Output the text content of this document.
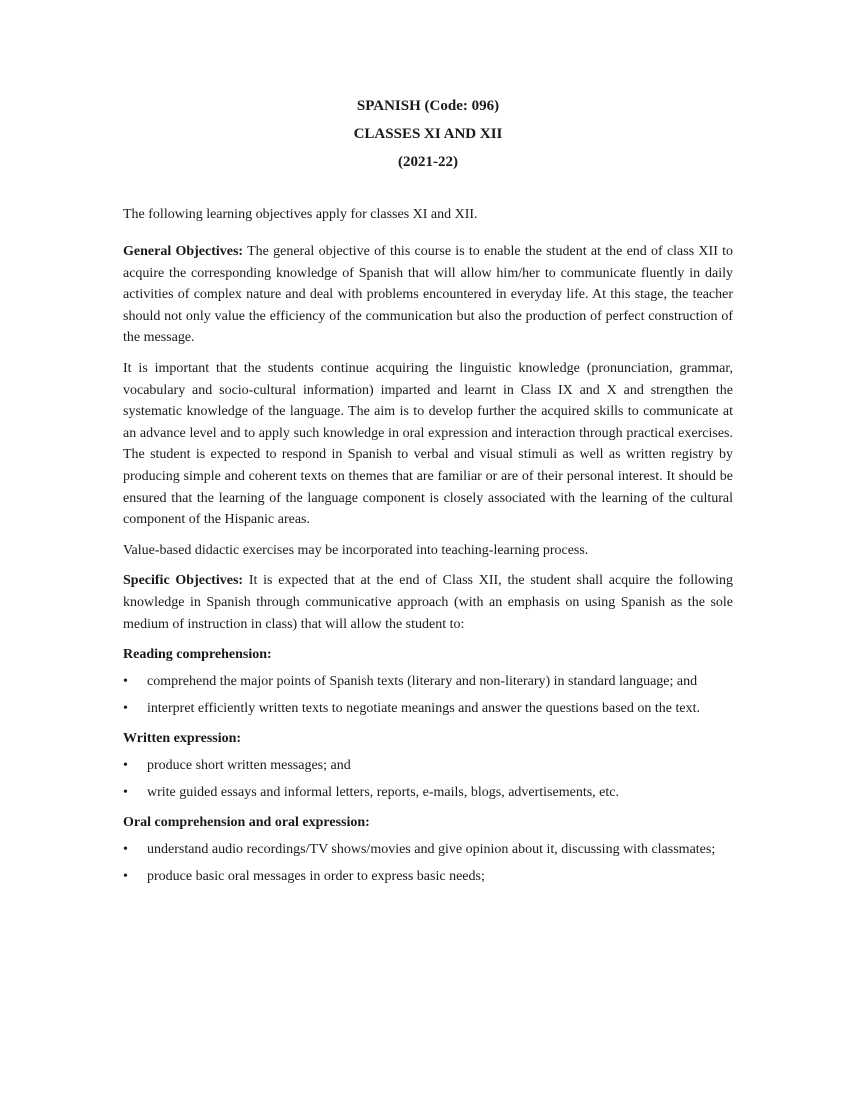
SPANISH (Code: 096)
CLASSES XI AND XII
(2021-22)
The following learning objectives apply for classes XI and XII.

General Objectives: The general objective of this course is to enable the student at the end of class XII to acquire the corresponding knowledge of Spanish that will allow him/her to communicate fluently in daily activities of complex nature and deal with problems encountered in everyday life. At this stage, the teacher should not only value the efficiency of the communication but also the production of perfect construction of the message.

It is important that the students continue acquiring the linguistic knowledge (pronunciation, grammar, vocabulary and socio-cultural information) imparted and learnt in Class IX and X and strengthen the systematic knowledge of the language. The aim is to develop further the acquired skills to communicate at an advance level and to apply such knowledge in oral expression and interaction through practical exercises. The student is expected to respond in Spanish to verbal and visual stimuli as well as written registry by producing simple and coherent texts on themes that are familiar or are of their personal interest. It should be ensured that the learning of the language component is closely associated with the learning of the cultural component of the Hispanic areas.

Value-based didactic exercises may be incorporated into teaching-learning process.

Specific Objectives: It is expected that at the end of Class XII, the student shall acquire the following knowledge in Spanish through communicative approach (with an emphasis on using Spanish as the sole medium of instruction in class) that will allow the student to:

Reading comprehension:
• comprehend the major points of Spanish texts (literary and non-literary) in standard language; and
• interpret efficiently written texts to negotiate meanings and answer the questions based on the text.
Written expression:
• produce short written messages; and
• write guided essays and informal letters, reports, e-mails, blogs, advertisements, etc.
Oral comprehension and oral expression:
• understand audio recordings/TV shows/movies and give opinion about it, discussing with classmates;
• produce basic oral messages in order to express basic needs;
